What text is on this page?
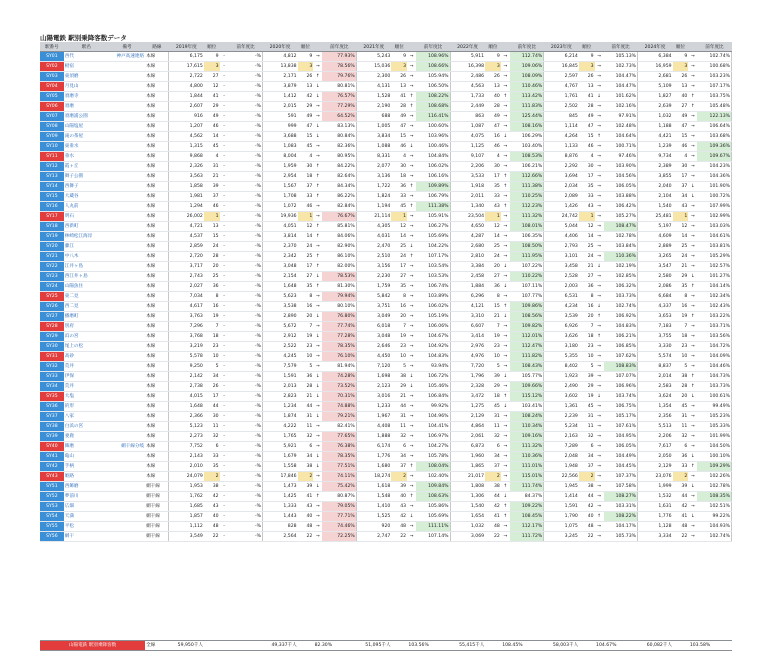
山陽電鉄 駅別乗降客数データ
駅番号	駅名	備考	路線	2019年度	順位		前年度比	2020年度	順位		前年度比	2021年度	順位		前年度比	2022年度	順位		前年度比	2023年度	順位		前年度比	2024年度	順位		前年度比
SY01	西代	神戸高速連絡	本線	6,175	9	-	-%	4,812	9	→	77.93%	5,243	9	→	108.96%	5,911	9	→	112.74%	6,214	9	→	105.13%	6,384	9	→	102.74%
SY02	板宿		本線	17,615	3	-	-%	13,838	3	→	78.56%	15,036	3	→	108.66%	16,398	3	→	109.06%	16,845	3	→	102.73%	16,959	3	→	100.68%
SY03	東須磨		本線	2,722	27	-	-%	2,171	26	↑	79.76%	2,300	26	→	105.94%	2,486	26	→	108.09%	2,597	26	→	104.47%	2,681	26	→	103.23%
SY04	月見山		本線	4,800	12	-	-%	3,879	13	↓	80.81%	4,131	13	→	106.50%	4,563	13	→	110.46%	4,767	13	→	104.47%	5,109	13	→	107.17%
SY05	須磨寺		本線	1,844	41	-	-%	1,412	42	↓	76.57%	1,528	41	↑	108.22%	1,733	40	↑	113.42%	1,761	41	↓	101.62%	1,827	40	↑	103.75%
SY06	須磨		本線	2,607	29	-	-%	2,015	29	→	77.29%	2,190	28	↑	108.68%	2,449	28	→	111.83%	2,502	28	→	102.16%	2,639	27	↑	105.48%
SY07	須磨浦公園		本線	916	49	-	-%	591	49	→	64.52%	688	49	→	116.41%	863	49	→	125.44%	845	49	→	97.91%	1,032	49	→	122.13%
SY08	山陽塩屋		本線	1,207	46	-	-%	999	47	↓	83.13%	1,005	47	→	100.60%	1,087	47	→	108.16%	1,114	47	→	102.48%	1,188	47	→	106.64%
SY09	滝の茶屋		本線	4,562	14	-	-%	3,688	15	↓	80.84%	3,834	15	→	103.96%	4,075	16	↓	106.29%	4,264	15	↑	104.64%	4,421	15	→	103.68%
SY10	東垂水		本線	1,315	45	-	-%	1,083	45	→	82.36%	1,088	46	↓	100.46%	1,125	46	→	103.40%	1,133	46	→	100.71%	1,239	46	→	109.36%
SY11	垂水		本線	9,868	4	-	-%	8,004	4	→	80.95%	8,331	4	→	104.84%	9,107	4	→	108.53%	8,876	4	→	97.46%	9,734	4	→	109.67%
SY12	霞ヶ丘		本線	2,326	31	-	-%	1,959	30	↑	84.22%	2,077	30	→	106.02%	2,206	30	→	106.21%	2,292	30	→	103.90%	2,389	30	→	104.23%
SY13	舞子公園		本線	3,563	21	-	-%	2,954	18	↑	82.64%	3,136	18	→	106.16%	3,533	17	↑	112.66%	3,694	17	→	104.56%	3,855	17	→	104.36%
SY14	西舞子		本線	1,858	39	-	-%	1,567	37	↑	84.34%	1,722	36	↑	109.89%	1,918	35	↑	111.38%	2,034	35	→	106.05%	2,040	37	↓	101.90%
SY15	大蔵谷		本線	1,981	37	-	-%	1,708	33	↑	86.22%	1,824	33	→	106.79%	2,011	33	→	110.25%	2,089	33	→	103.88%	2,104	34	↓	100.72%
SY16	人丸前		本線	1,294	46	-	-%	1,072	46	→	82.84%	1,194	45	↑	111.38%	1,340	43	↑	112.23%	1,426	43	→	106.42%	1,540	43	→	107.99%
SY17	明石		本線	26,002	1	-	-%	19,936	1	→	76.67%	21,114	1	→	105.91%	23,504	1	→	111.32%	24,742	1	→	105.27%	25,481	1	→	102.99%
SY18	西新町		本線	4,721	13	-	-%	4,051	12	↑	85.81%	4,305	12	→	106.27%	4,650	12	→	108.01%	5,044	12	→	108.47%	5,197	12	→	103.03%
SY19	林崎松江海岸		本線	4,537	15	-	-%	3,814	14	↑	84.06%	4,031	14	→	105.69%	4,287	14	→	106.35%	4,406	14	→	102.78%	4,609	14	→	104.61%
SY20	藤江		本線	2,859	24	-	-%	2,370	24	→	82.90%	2,470	25	↓	104.22%	2,680	25	→	108.50%	2,793	25	→	103.84%	2,889	25	→	103.81%
SY21	中八木		本線	2,720	28	-	-%	2,342	25	↑	86.10%	2,510	24	↑	107.17%	2,810	24	→	111.95%	3,101	24	→	110.36%	3,265	24	→	105.29%
SY22	江井ヶ島		本線	3,717	20	-	-%	3,048	17	↑	82.00%	3,156	17	→	103.54%	3,384	20	↓	107.22%	3,458	21	↓	102.19%	3,547	21	→	102.57%
SY23	西江井ヶ島		本線	2,743	25	-	-%	2,154	27	↓	78.53%	2,230	27	→	103.53%	2,458	27	→	110.22%	2,528	27	→	102.85%	2,580	29	↓	101.27%
SY24	山陽魚住		本線	2,027	36	-	-%	1,648	35	↑	81.30%	1,759	35	→	106.74%	1,884	36	↓	107.11%	2,003	36	→	106.32%	2,086	35	↑	104.14%
SY25	東二見		本線	7,034	8	-	-%	5,623	8	→	79.94%	5,842	8	→	103.89%	6,296	8	→	107.77%	6,531	8	→	103.73%	6,684	8	→	102.34%
SY26	西二見		本線	4,617	16	-	-%	3,538	16	→	80.10%	3,751	16	→	106.02%	4,121	15	↑	109.86%	4,234	16	↓	102.74%	4,337	16	→	102.43%
SY27	播磨町		本線	3,763	19	-	-%	2,890	20	↓	76.80%	3,049	20	→	105.19%	3,310	21	↓	108.56%	3,539	20	↑	106.92%	3,653	19	↑	103.22%
SY28	別府		本線	7,296	7	-	-%	5,672	7	→	77.74%	6,018	7	→	106.06%	6,607	7	→	109.82%	6,926	7	→	104.83%	7,183	7	→	103.71%
SY29	浜の宮		本線	3,768	18	-	-%	2,912	19	↓	77.28%	3,048	19	→	104.67%	3,414	19	→	112.01%	3,626	18	↑	106.21%	3,755	18	→	103.56%
SY30	尾上の松		本線	3,219	23	-	-%	2,522	23	→	78.35%	2,646	23	→	104.92%	2,976	23	→	112.47%	3,180	23	→	106.85%	3,330	23	→	104.72%
SY31	高砂		本線	5,578	10	-	-%	4,245	10	→	76.10%	4,450	10	→	104.83%	4,976	10	→	111.82%	5,355	10	→	107.62%	5,574	10	→	104.09%
SY32	荒井		本線	9,250	5	-	-%	7,579	5	→	81.94%	7,120	5	→	93.94%	7,720	5	→	108.43%	8,402	5	→	108.83%	8,837	5	→	104.46%
SY33	伊保		本線	2,142	34	-	-%	1,591	36	↓	74.28%	1,698	38	↓	106.72%	1,796	39	↓	105.77%	1,923	39	→	107.07%	2,014	38	↑	104.73%
SY34	荒井		本線	2,738	26	-	-%	2,013	28	↓	73.52%	2,123	29	↓	105.46%	2,328	29	→	109.66%	2,490	29	→	106.96%	2,583	28	↑	103.73%
SY35	大塩		本線	4,015	17	-	-%	2,823	21	↓	70.31%	3,016	21	→	106.84%	3,472	18	↑	115.12%	3,602	19	↓	103.74%	3,624	20	↓	100.61%
SY36	的形		本線	1,648	44	-	-%	1,234	44	→	74.88%	1,233	44	→	99.92%	1,275	45	↓	103.41%	1,361	45	→	106.75%	1,354	45	→	99.49%
SY37	八家		本線	2,366	30	-	-%	1,874	31	↓	79.21%	1,967	31	→	104.96%	2,129	31	→	108.24%	2,239	31	→	105.17%	2,356	31	→	105.23%
SY38	白浜の宮		本線	5,123	11	-	-%	4,222	11	→	82.41%	4,408	11	→	104.41%	4,864	11	→	110.34%	5,234	11	→	107.61%	5,513	11	→	105.33%
SY39	妻鹿		本線	2,273	32	-	-%	1,765	32	→	77.65%	1,888	32	→	106.97%	2,061	32	→	109.16%	2,163	32	→	104.95%	2,206	32	→	101.99%
SY40	飾磨	網干線分岐	本線	7,752	6	-	-%	5,921	6	→	76.38%	6,174	6	→	104.27%	6,873	6	→	111.32%	7,289	6	→	106.05%	7,617	6	→	104.50%
SY41	亀山		本線	2,143	33	-	-%	1,679	34	↓	78.35%	1,776	34	→	105.78%	1,960	34	→	110.36%	2,048	34	→	104.49%	2,050	36	↓	100.10%
SY42	手柄		本線	2,010	35	-	-%	1,558	38	↓	77.51%	1,680	37	↑	108.04%	1,865	37	→	111.01%	1,948	37	→	104.45%	2,129	33	↑	109.29%
SY43	姫路		本線	24,079	2	-	-%	17,846	2	→	74.11%	18,274	2	→	102.40%	21,017	2	→	115.01%	22,566	2	→	107.37%	23,076	2	→	102.26%
SY51	西飾磨		網干線	1,953	38	-	-%	1,473	39	↓	75.42%	1,618	39	→	109.84%	1,808	38	↑	111.74%	1,945	38	→	107.58%	1,999	39	↓	102.78%
SY52	夢前川		網干線	1,762	42	-	-%	1,425	41	↑	80.87%	1,548	40	↑	108.63%	1,306	44	↓	84.37%	1,414	44	→	108.27%	1,532	44	→	108.35%
SY53	広畑		網干線	1,685	43	-	-%	1,333	43	→	79.05%	1,410	43	→	105.86%	1,540	42	↑	109.22%	1,591	42	→	103.31%	1,631	42	→	102.51%
SY54	天満		網干線	1,857	40	-	-%	1,443	40	→	77.71%	1,525	42	↓	105.69%	1,654	41	↑	108.45%	1,790	40	↑	108.22%	1,776	41	↓	99.22%
SY55	平松		網干線	1,112	48	-	-%	828	48	→	74.46%	920	48	→	111.11%	1,032	48	→	112.17%	1,075	48	→	104.17%	1,128	48	→	104.93%
SY56	網干		網干線	3,549	22	-	-%	2,564	22	→	72.25%	2,747	22	→	107.14%	3,069	22	→	111.72%	3,245	22	→	105.73%	3,334	22	→	102.74%
山陽電鉄 駅別乗降客数	全線	59,950千人				49,337千人		82.30%		51,095千人		103.56%		55,415千人		108.45%		58,003千人		104.67%		60,082千人		103.58%	
